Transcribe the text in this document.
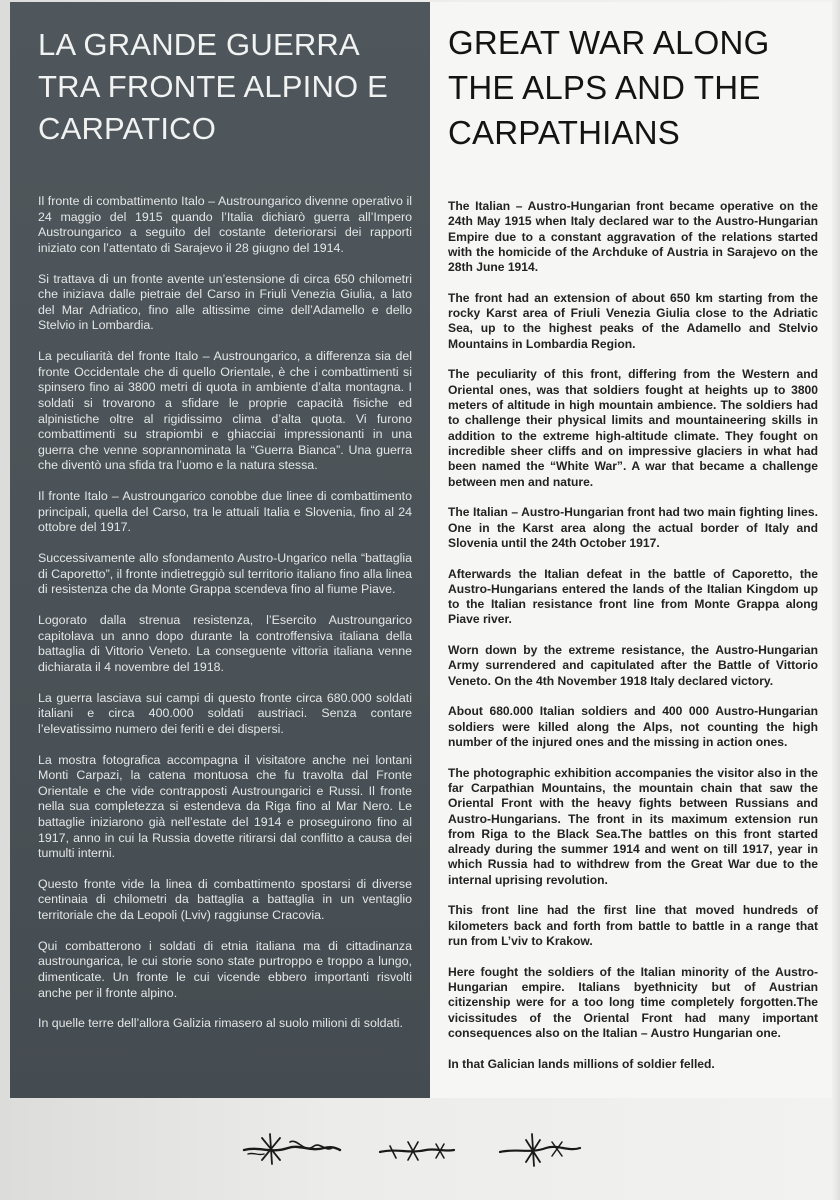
LA GRANDE GUERRA TRA FRONTE ALPINO E CARPATICO

Il fronte di combattimento Italo – Austroungarico divenne operativo il 24 maggio del 1915 quando l’Italia dichiarò guerra all’Impero Austroungarico a seguito del costante deteriorarsi dei rapporti iniziato con l’attentato di Sarajevo il 28 giugno del 1914.

Si trattava di un fronte avente un’estensione di circa 650 chilometri che iniziava dalle pietraie del Carso in Friuli Venezia Giulia, a lato del Mar Adriatico, fino alle altissime cime dell’Adamello e dello Stelvio in Lombardia.

La peculiarità del fronte Italo – Austroungarico, a differenza sia del fronte Occidentale che di quello Orientale, è che i combattimenti si spinsero fino ai 3800 metri di quota in ambiente d’alta montagna. I soldati si trovarono a sfidare le proprie capacità fisiche ed alpinistiche oltre al rigidissimo clima d’alta quota. Vi furono combattimenti su strapiombi e ghiacciai impressionanti in una guerra che venne soprannominata la “Guerra Bianca”. Una guerra che diventò una sfida tra l’uomo e la natura stessa.

Il fronte Italo – Austroungarico conobbe due linee di combattimento principali, quella del Carso, tra le attuali Italia e Slovenia, fino al 24 ottobre del 1917.

Successivamente allo sfondamento Austro-Ungarico nella “battaglia di Caporetto”, il fronte indietreggiò sul territorio italiano fino alla linea di resistenza che da Monte Grappa scendeva fino al fiume Piave.

Logorato dalla strenua resistenza, l’Esercito Austroungarico capitolava un anno dopo durante la controffensiva italiana della battaglia di Vittorio Veneto. La conseguente vittoria italiana venne dichiarata il 4 novembre del 1918.

La guerra lasciava sui campi di questo fronte circa 680.000 soldati italiani e circa 400.000 soldati austriaci. Senza contare l’elevatissimo numero dei feriti e dei dispersi.

La mostra fotografica accompagna il visitatore anche nei lontani Monti Carpazi, la catena montuosa che fu travolta dal Fronte Orientale e che vide contrapposti Austroungarici e Russi. Il fronte nella sua completezza si estendeva da Riga fino al Mar Nero. Le battaglie iniziarono già nell’estate del 1914 e proseguirono fino al 1917, anno in cui la Russia dovette ritirarsi dal conflitto a causa dei tumulti interni.

Questo fronte vide la linea di combattimento spostarsi di diverse centinaia di chilometri da battaglia a battaglia in un ventaglio territoriale che da Leopoli (Lviv) raggiunse Cracovia.

Qui combatterono i soldati di etnia italiana ma di cittadinanza austroungarica, le cui storie sono state purtroppo e troppo a lungo, dimenticate. Un fronte le cui vicende ebbero importanti risvolti anche per il fronte alpino.

In quelle terre dell’allora Galizia rimasero al suolo milioni di soldati.

GREAT WAR ALONG THE ALPS AND THE CARPATHIANS

The Italian – Austro-Hungarian front became operative on the 24th May 1915 when Italy declared war to the Austro-Hungarian Empire due to a constant aggravation of the relations started with the homicide of the Archduke of Austria in Sarajevo on the 28th June 1914.

The front had an extension of about 650 km starting from the rocky Karst area of Friuli Venezia Giulia close to the Adriatic Sea, up to the highest peaks of the Adamello and Stelvio Mountains in Lombardia Region.

The peculiarity of this front, differing from the Western and Oriental ones, was that soldiers fought at heights up to 3800 meters of altitude in high mountain ambience. The soldiers had to challenge their physical limits and mountaineering skills in addition to the extreme high-altitude climate. They fought on incredible sheer cliffs and on impressive glaciers in what had been named the “White War”. A war that became a challenge between men and nature.

The Italian – Austro-Hungarian front had two main fighting lines. One in the Karst area along the actual border of Italy and Slovenia until the 24th October 1917.

Afterwards the Italian defeat in the battle of Caporetto, the Austro-Hungarians entered the lands of the Italian Kingdom up to the Italian resistance front line from Monte Grappa along Piave river.

Worn down by the extreme resistance, the Austro-Hungarian Army surrendered and capitulated after the Battle of Vittorio Veneto. On the 4th November 1918 Italy declared victory.

About 680.000 Italian soldiers and 400 000 Austro-Hungarian soldiers were killed along the Alps, not counting the high number of the injured ones and the missing in action ones.

The photographic exhibition accompanies the visitor also in the far Carpathian Mountains, the mountain chain that saw the Oriental Front with the heavy fights between Russians and Austro-Hungarians. The front in its maximum extension run from Riga to the Black Sea.The battles on this front started already during the summer 1914 and went on till 1917, year in which Russia had to withdrew from the Great War due to the internal uprising revolution.

This front line had the first line that moved hundreds of kilometers back and forth from battle to battle in a range that run from L’viv to Krakow.

Here fought the soldiers of the Italian minority of the Austro-Hungarian empire. Italians byethnicity but of Austrian citizenship were for a too long time completely forgotten.The vicissitudes of the Oriental Front had many important consequences also on the Italian – Austro Hungarian one.

In that Galician lands millions of soldier felled.
